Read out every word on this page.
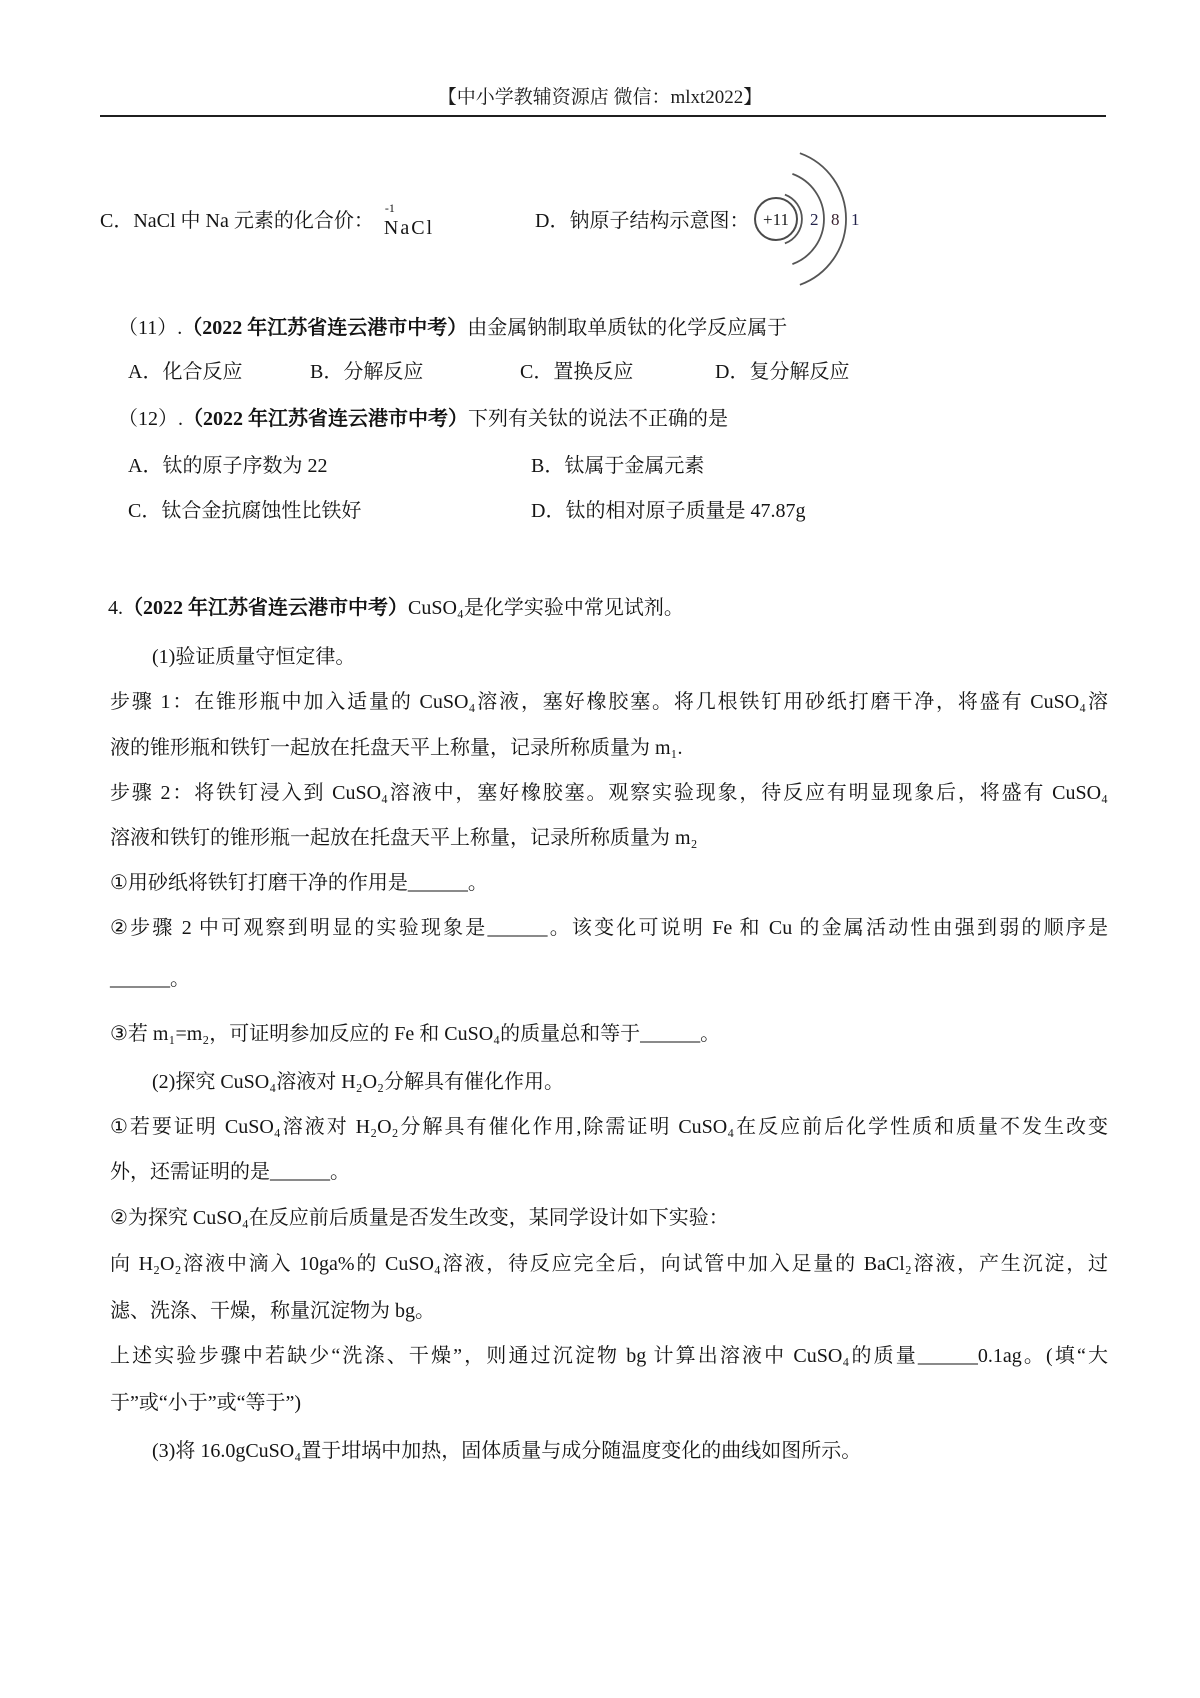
【中小学教辅资源店 微信：mlxt2022】
C．NaCl 中 Na 元素的化合价：
-1
NaCl	D．钠原子结构示意图： +11 2 8 1
（11）.（2022 年江苏省连云港市中考）由金属钠制取单质钛的化学反应属于
A．化合反应	B．分解反应	C．置换反应	D．复分解反应
（12）.（2022 年江苏省连云港市中考）下列有关钛的说法不正确的是
A．钛的原子序数为 22	B．钛属于金属元素
C．钛合金抗腐蚀性比铁好	D．钛的相对原子质量是 47.87g
4.（2022 年江苏省连云港市中考）CuSO₄是化学实验中常见试剂。
(1)验证质量守恒定律。
步骤 1：在锥形瓶中加入适量的 CuSO₄溶液，塞好橡胶塞。将几根铁钉用砂纸打磨干净，将盛有 CuSO₄溶
液的锥形瓶和铁钉一起放在托盘天平上称量，记录所称质量为 m₁.
步骤 2：将铁钉浸入到 CuSO₄溶液中，塞好橡胶塞。观察实验现象，待反应有明显现象后，将盛有 CuSO₄
溶液和铁钉的锥形瓶一起放在托盘天平上称量，记录所称质量为 m₂
①用砂纸将铁钉打磨干净的作用是______。
②步骤 2 中可观察到明显的实验现象是______。该变化可说明 Fe 和 Cu 的金属活动性由强到弱的顺序是
______。
③若 m₁=m₂，可证明参加反应的 Fe 和 CuSO₄的质量总和等于______。
(2)探究 CuSO₄溶液对 H₂O₂分解具有催化作用。
①若要证明 CuSO₄溶液对 H₂O₂分解具有催化作用,除需证明 CuSO₄在反应前后化学性质和质量不发生改变
外，还需证明的是______。
②为探究 CuSO₄在反应前后质量是否发生改变，某同学设计如下实验：
向 H₂O₂溶液中滴入 10ga%的 CuSO₄溶液，待反应完全后，向试管中加入足量的 BaCl₂溶液，产生沉淀，过
滤、洗涤、干燥，称量沉淀物为 bg。
上述实验步骤中若缺少“洗涤、干燥”，则通过沉淀物 bg 计算出溶液中 CuSO₄的质量______0.1ag。(填“大
于”或“小于”或“等于”)
(3)将 16.0gCuSO₄置于坩埚中加热，固体质量与成分随温度变化的曲线如图所示。
